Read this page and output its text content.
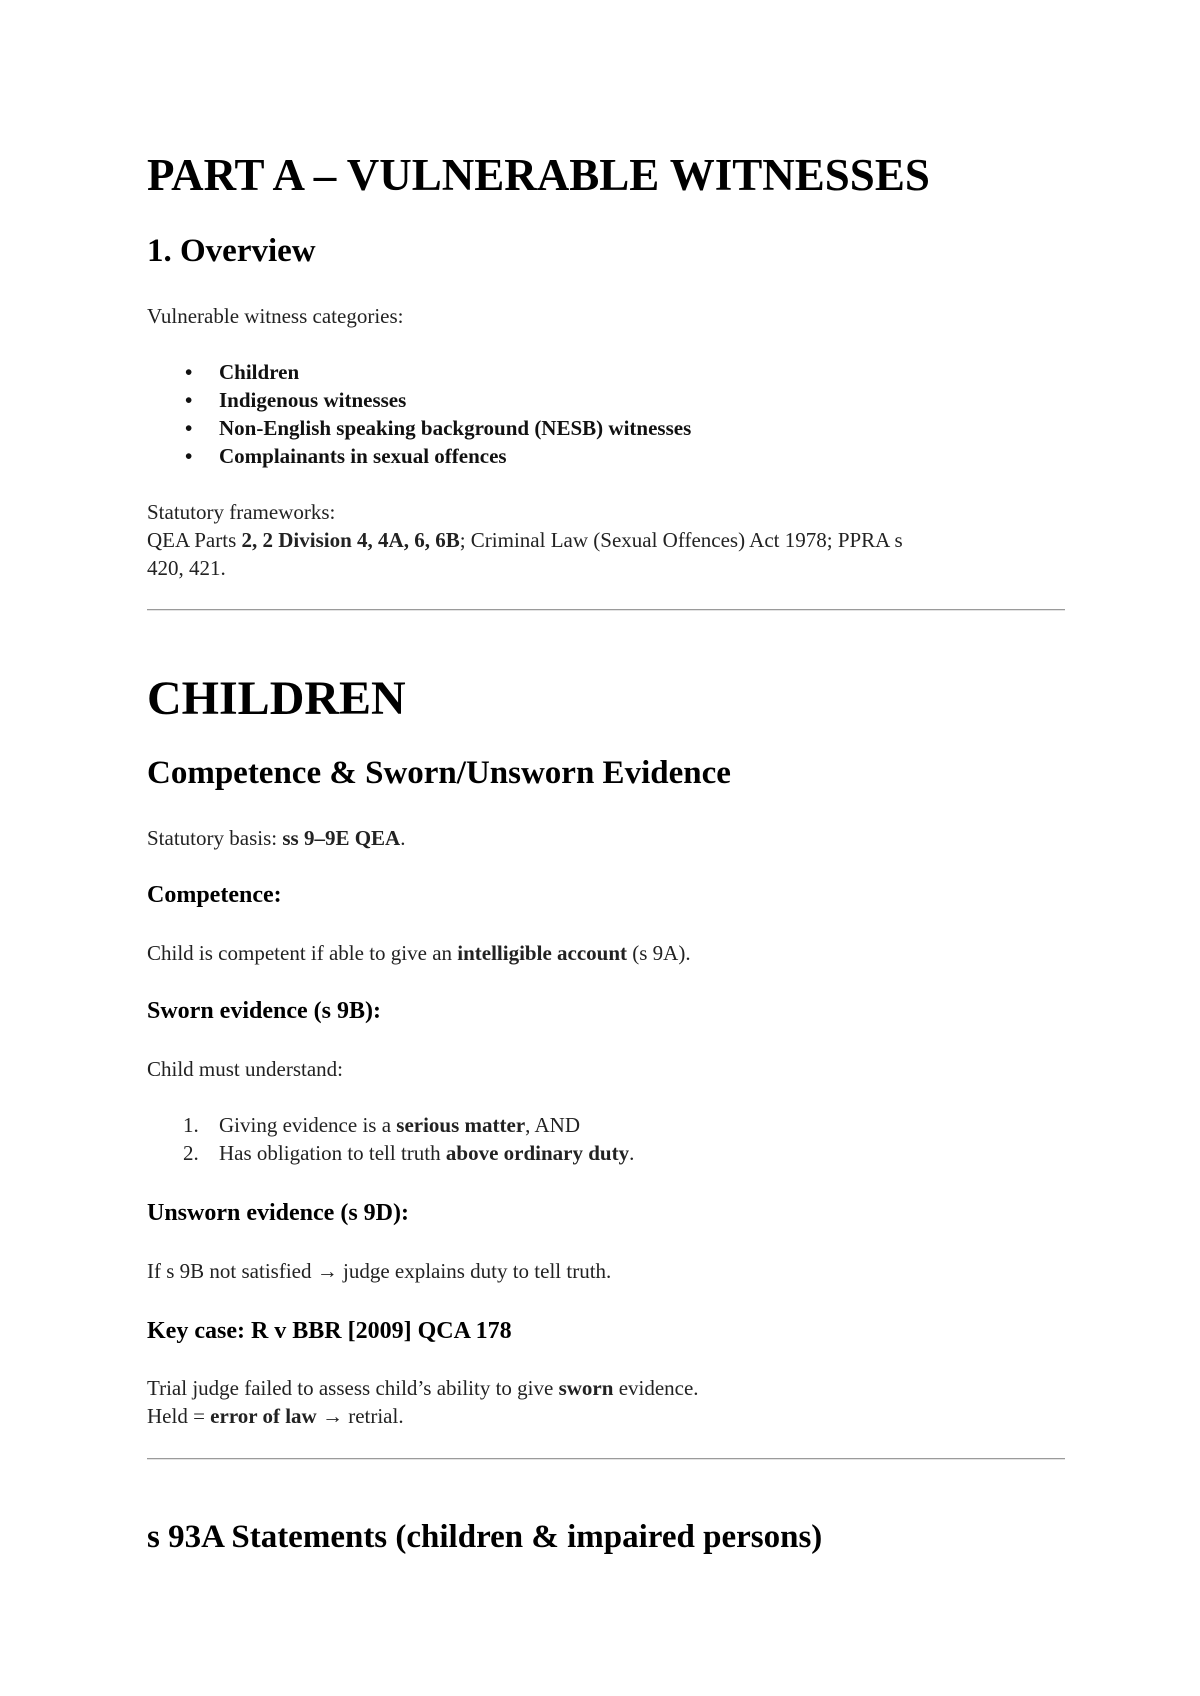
PART A – VULNERABLE WITNESSES
1. Overview
Vulnerable witness categories:
• Children
• Indigenous witnesses
• Non-English speaking background (NESB) witnesses
• Complainants in sexual offences
Statutory frameworks:
QEA Parts 2, 2 Division 4, 4A, 6, 6B; Criminal Law (Sexual Offences) Act 1978; PPRA s
420, 421.
CHILDREN
Competence & Sworn/Unsworn Evidence
Statutory basis: ss 9–9E QEA.
Competence:
Child is competent if able to give an intelligible account (s 9A).
Sworn evidence (s 9B):
Child must understand:
1. Giving evidence is a serious matter, AND
2. Has obligation to tell truth above ordinary duty.
Unsworn evidence (s 9D):
If s 9B not satisfied → judge explains duty to tell truth.
Key case: R v BBR [2009] QCA 178
Trial judge failed to assess child’s ability to give sworn evidence.
Held = error of law → retrial.
s 93A Statements (children & impaired persons)
